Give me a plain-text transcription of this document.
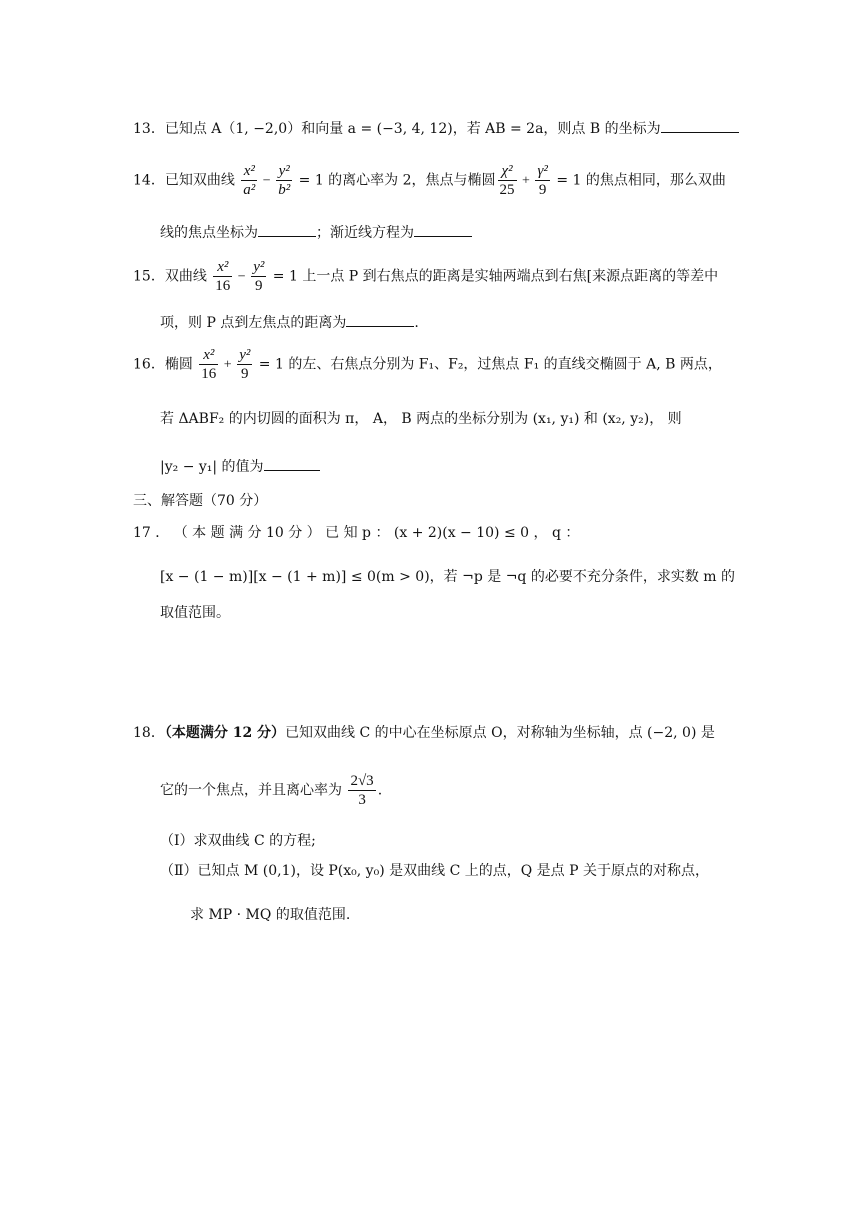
13．已知点 A（1, −2,0）和向量 a = (−3, 4, 12)，若 AB = 2a，则点 B 的坐标为
14．已知双曲线 $\frac{\text{x²}}{\text{a²}} - \frac{\text{y²}}{\text{b²}} = 1$ 的离心率为 2，焦点与椭圆 $\frac{\text{χ²}}{25} + \frac{\text{γ²}}{9} = 1$ 的焦点相同，那么双曲
线的焦点坐标为	；渐近线方程为
15．双曲线 $\frac{\text{x²}}{16} - \frac{\text{y²}}{9} = 1$ 上一点 P 到右焦点的距离是实轴两端点到右焦[来源点距离的等差中
项，则 P 点到左焦点的距离为	.
16．椭圆 $\frac{\text{x²}}{16} + \frac{\text{y²}}{9} = 1$ 的左、右焦点分别为 F₁、F₂，过焦点 F₁ 的直线交椭圆于 A, B 两点，
若 ΔABF₂ 的内切圆的面积为 π， A， B 两点的坐标分别为 (x₁, y₁) 和 (x₂, y₂)， 则
|y₂ − y₁| 的值为
三、解答题（70 分）
17 ． （ 本 题 满 分 10 分 ） 已 知 p ： (x + 2)(x − 10) ≤ 0 ， q ：
[x − (1 − m)][x − (1 + m)] ≤ 0(m > 0)，若 ¬p 是 ¬q 的必要不充分条件，求实数 m 的
取值范围。
18．（本题满分 12 分）已知双曲线 C 的中心在坐标原点 O，对称轴为坐标轴，点 (−2, 0) 是
它的一个焦点，并且离心率为 $\frac{2√3}{3}$ .
（Ⅰ）求双曲线 C 的方程;
（Ⅱ）已知点 M (0,1)，设 P(x₀, y₀) 是双曲线 C 上的点，Q 是点 P 关于原点的对称点，
求 MP · MQ 的取值范围.
